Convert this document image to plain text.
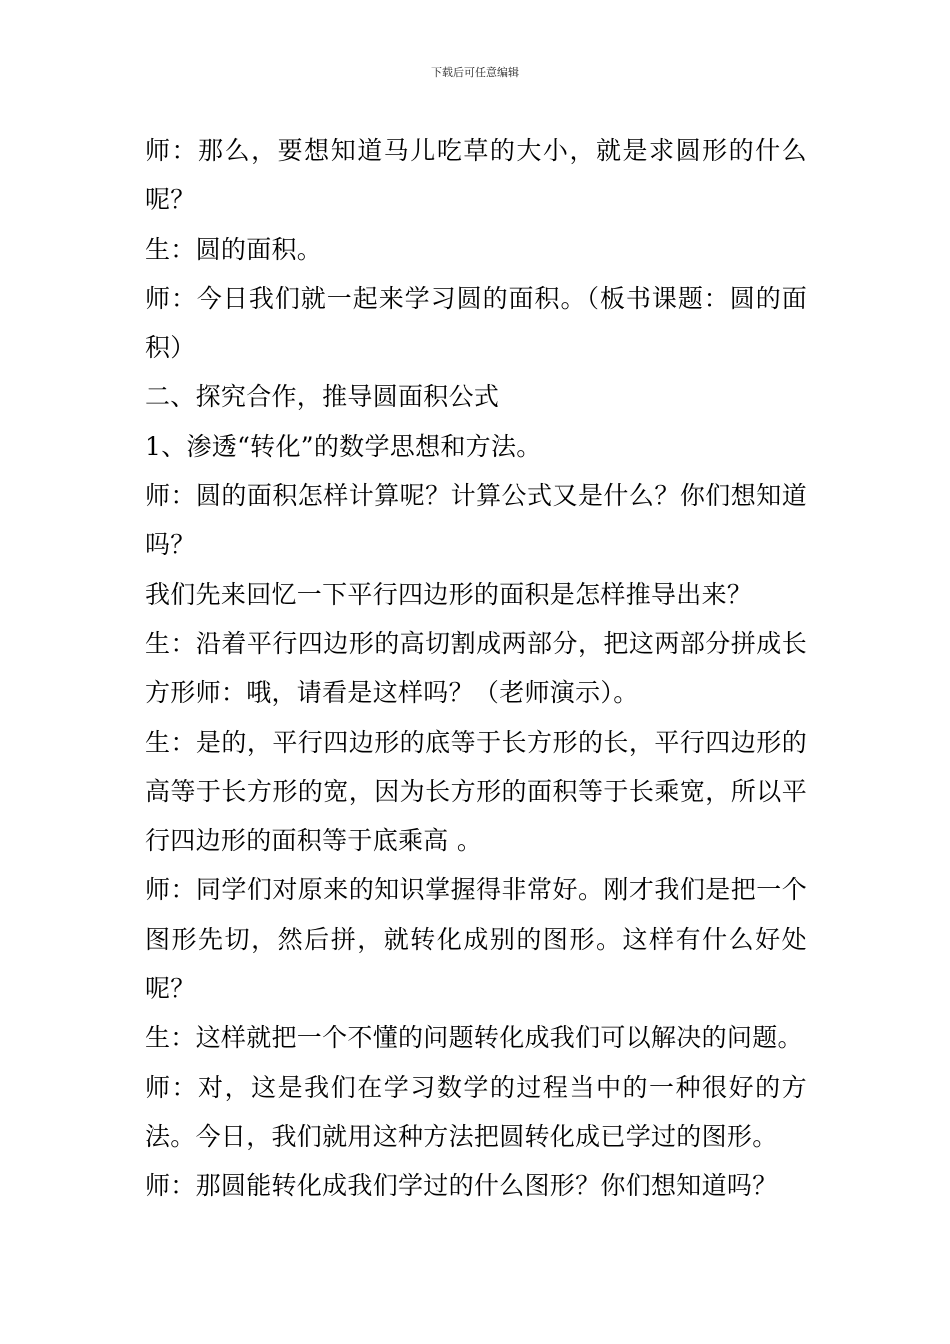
下载后可任意编辑

师：那么，要想知道马儿吃草的大小，就是求圆形的什么呢？

生：圆的面积。

师：今日我们就一起来学习圆的面积。（板书课题：圆的面积）

二、探究合作，推导圆面积公式

1、渗透“转化”的数学思想和方法。

师：圆的面积怎样计算呢？计算公式又是什么？你们想知道吗？

我们先来回忆一下平行四边形的面积是怎样推导出来？

生：沿着平行四边形的高切割成两部分，把这两部分拼成长方形师：哦，请看是这样吗？（老师演示）。

生：是的，平行四边形的底等于长方形的长，平行四边形的高等于长方形的宽，因为长方形的面积等于长乘宽，所以平行四边形的面积等于底乘高 。

师：同学们对原来的知识掌握得非常好。刚才我们是把一个图形先切，然后拼，就转化成别的图形。这样有什么好处呢？

生：这样就把一个不懂的问题转化成我们可以解决的问题。

师：对，这是我们在学习数学的过程当中的一种很好的方法。今日，我们就用这种方法把圆转化成已学过的图形。

师：那圆能转化成我们学过的什么图形？你们想知道吗？
